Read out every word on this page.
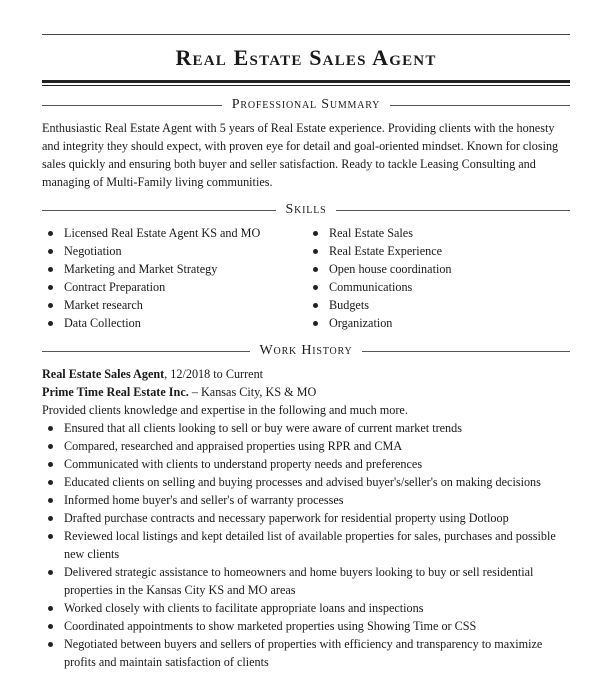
Real Estate Sales Agent
Professional Summary

Enthusiastic Real Estate Agent with 5 years of Real Estate experience. Providing clients with the honesty and integrity they should expect, with proven eye for detail and goal-oriented mindset. Known for closing sales quickly and ensuring both buyer and seller satisfaction. Ready to tackle Leasing Consulting and managing of Multi-Family living communities.

Skills
Licensed Real Estate Agent KS and MO
Negotiation
Marketing and Market Strategy
Contract Preparation
Market research
Data Collection
Real Estate Sales
Real Estate Experience
Open house coordination
Communications
Budgets
Organization
Work History

Real Estate Sales Agent, 12/2018 to Current

Prime Time Real Estate Inc. – Kansas City, KS & MO

Provided clients knowledge and expertise in the following and much more.

Ensured that all clients looking to sell or buy were aware of current market trends
Compared, researched and appraised properties using RPR and CMA
Communicated with clients to understand property needs and preferences
Educated clients on selling and buying processes and advised buyer's/seller's on making decisions
Informed home buyer's and seller's of warranty processes
Drafted purchase contracts and necessary paperwork for residential property using Dotloop
Reviewed local listings and kept detailed list of available properties for sales, purchases and possible new clients
Delivered strategic assistance to homeowners and home buyers looking to buy or sell residential properties in the Kansas City KS and MO areas
Worked closely with clients to facilitate appropriate loans and inspections
Coordinated appointments to show marketed properties using Showing Time or CSS
Negotiated between buyers and sellers of properties with efficiency and transparency to maximize profits and maintain satisfaction of clients
